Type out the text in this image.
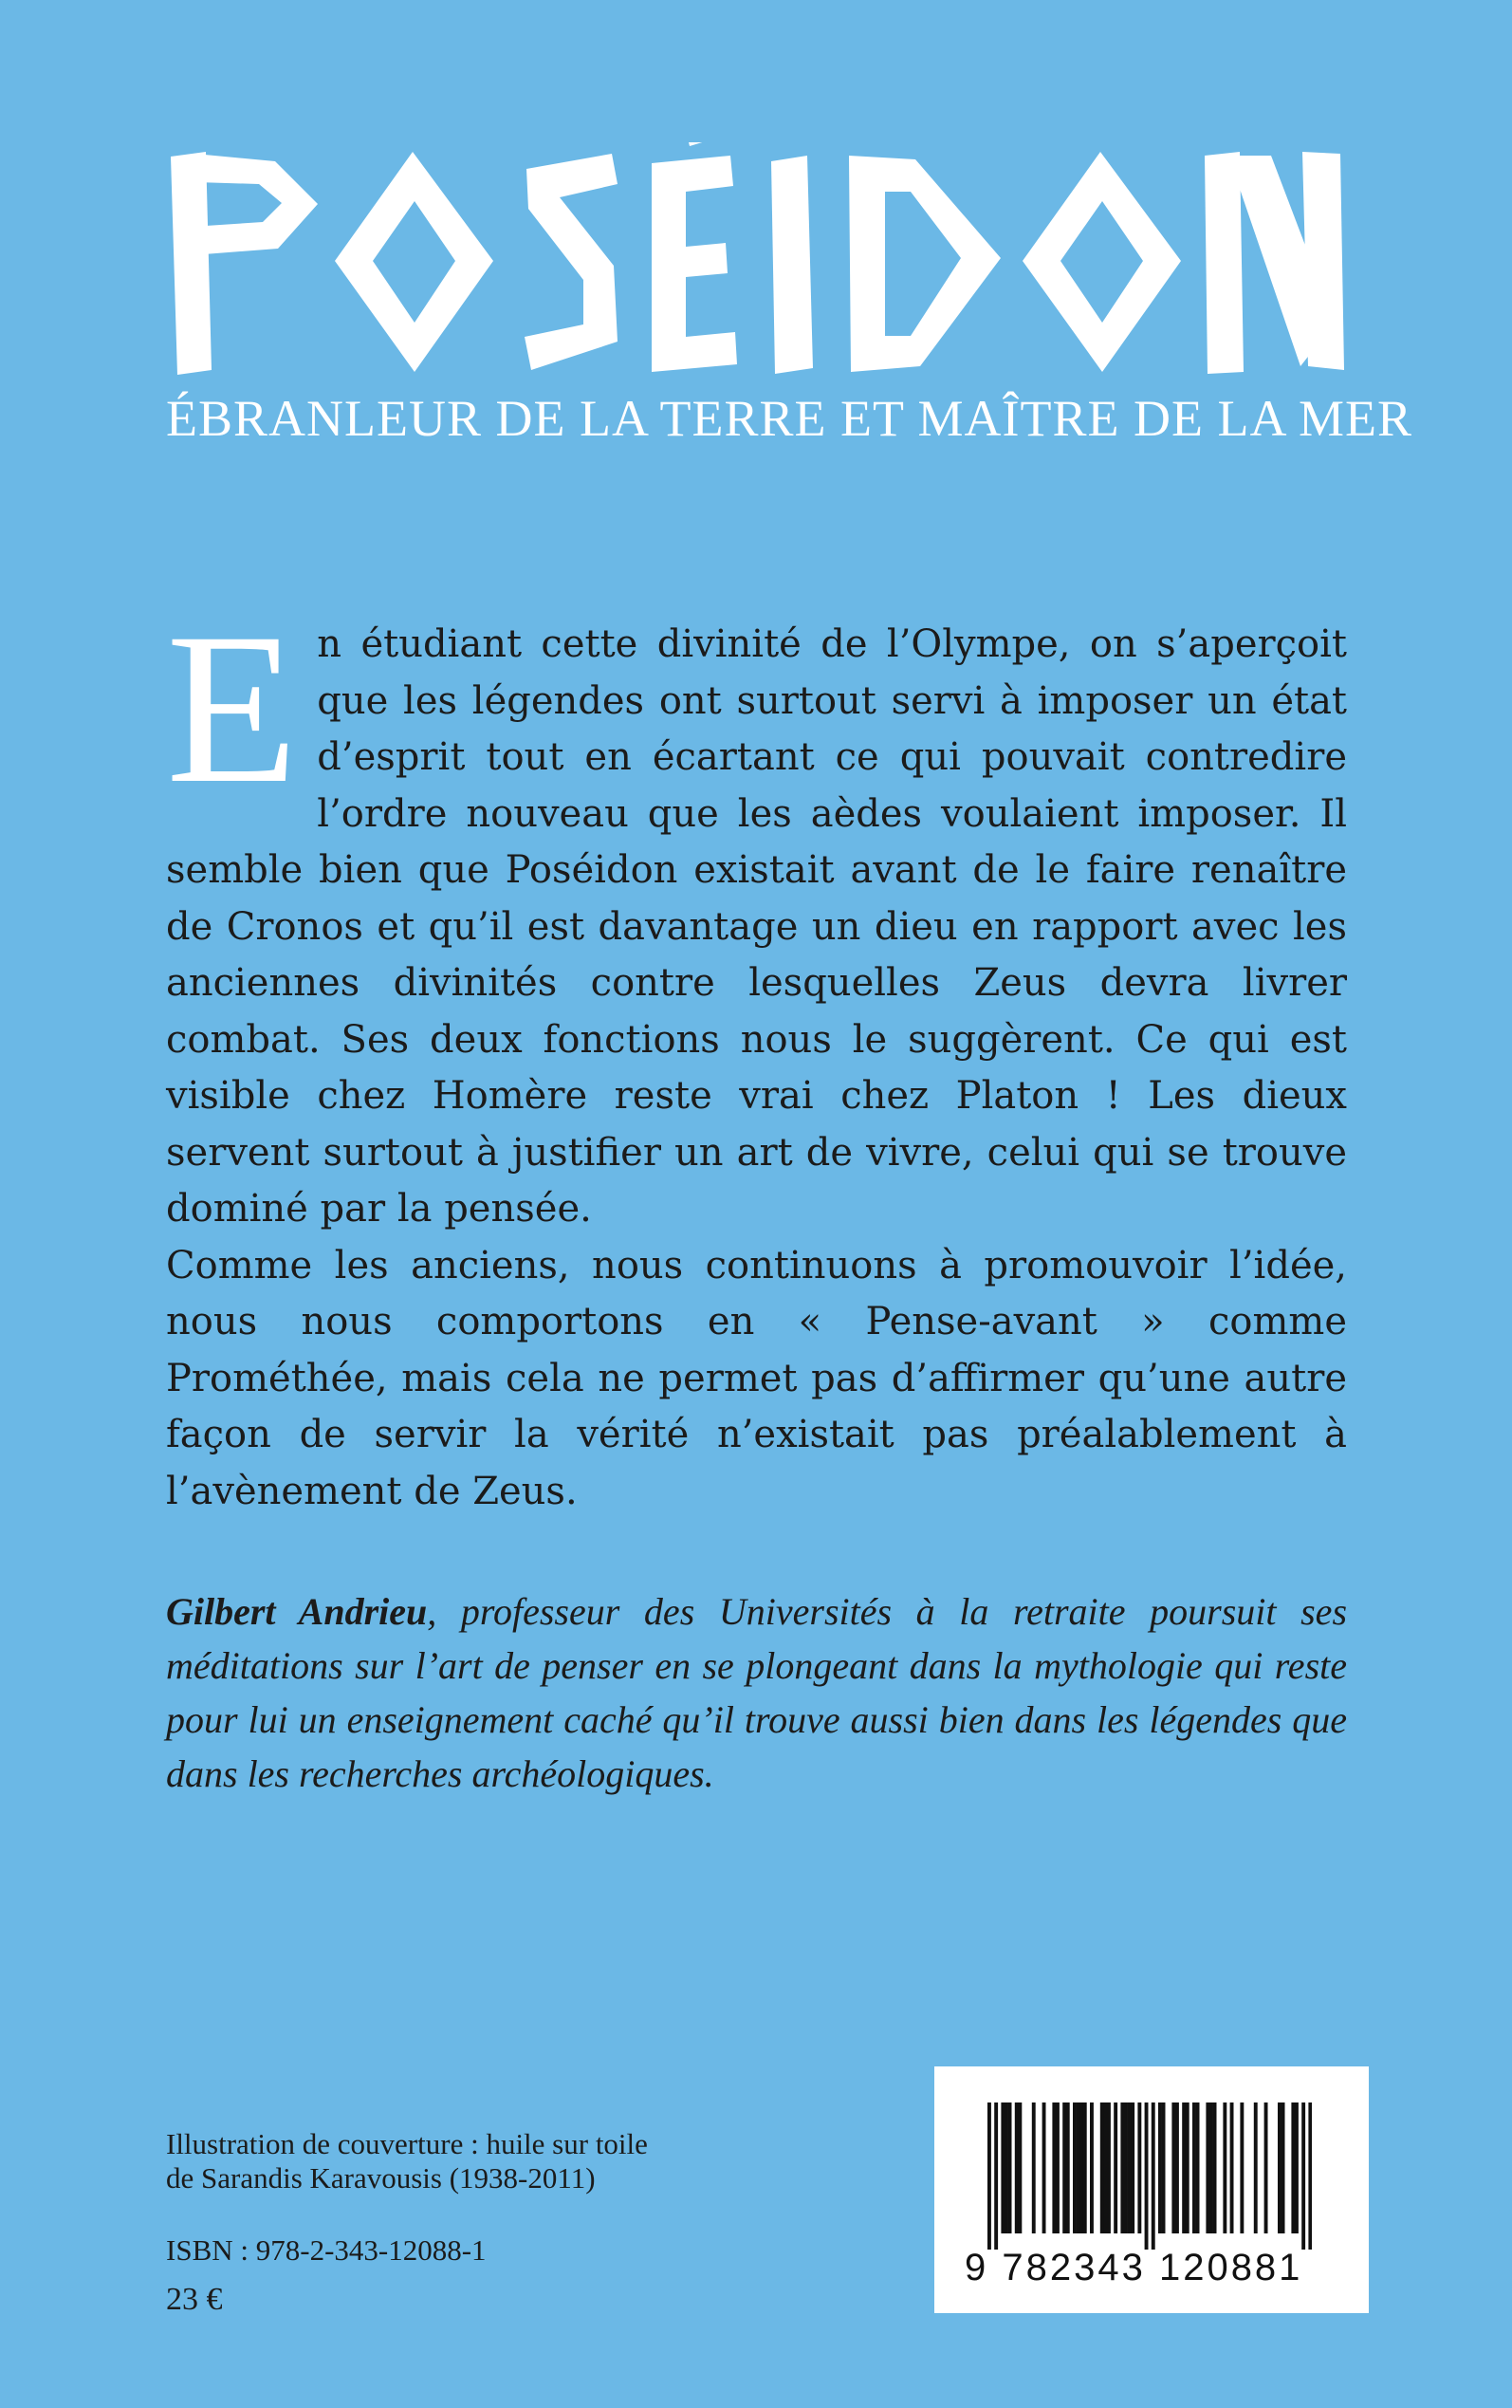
ÉBRANLEUR DE LA TERRE ET MAÎTRE DE LA MER

En étudiant cette divinité de l’Olympe, on s’aperçoit que les légendes ont surtout servi à imposer un état d’esprit tout en écartant ce qui pouvait contredire l’ordre nouveau que les aèdes voulaient imposer. Il semble bien que Poséidon existait avant de le faire renaître de Cronos et qu’il est davantage un dieu en rapport avec les anciennes divinités contre lesquelles Zeus devra livrer combat. Ses deux fonctions nous le suggèrent. Ce qui est visible chez Homère reste vrai chez Platon ! Les dieux servent surtout à justifier un art de vivre, celui qui se trouve dominé par la pensée.

Comme les anciens, nous continuons à promouvoir l’idée, nous nous comportons en « Pense-avant » comme Prométhée, mais cela ne permet pas d’affirmer qu’une autre façon de servir la vérité n’existait pas préalablement à l’avènement de Zeus.

Gilbert Andrieu, professeur des Universités à la retraite poursuit ses méditations sur l’art de penser en se plongeant dans la mythologie qui reste pour lui un enseignement caché qu’il trouve aussi bien dans les légendes que dans les recherches archéologiques.
Illustration de couverture : huile sur toile
de Sarandis Karavousis (1938-2011)
ISBN : 978-2-343-12088-1
23 €
9 782343 120881
